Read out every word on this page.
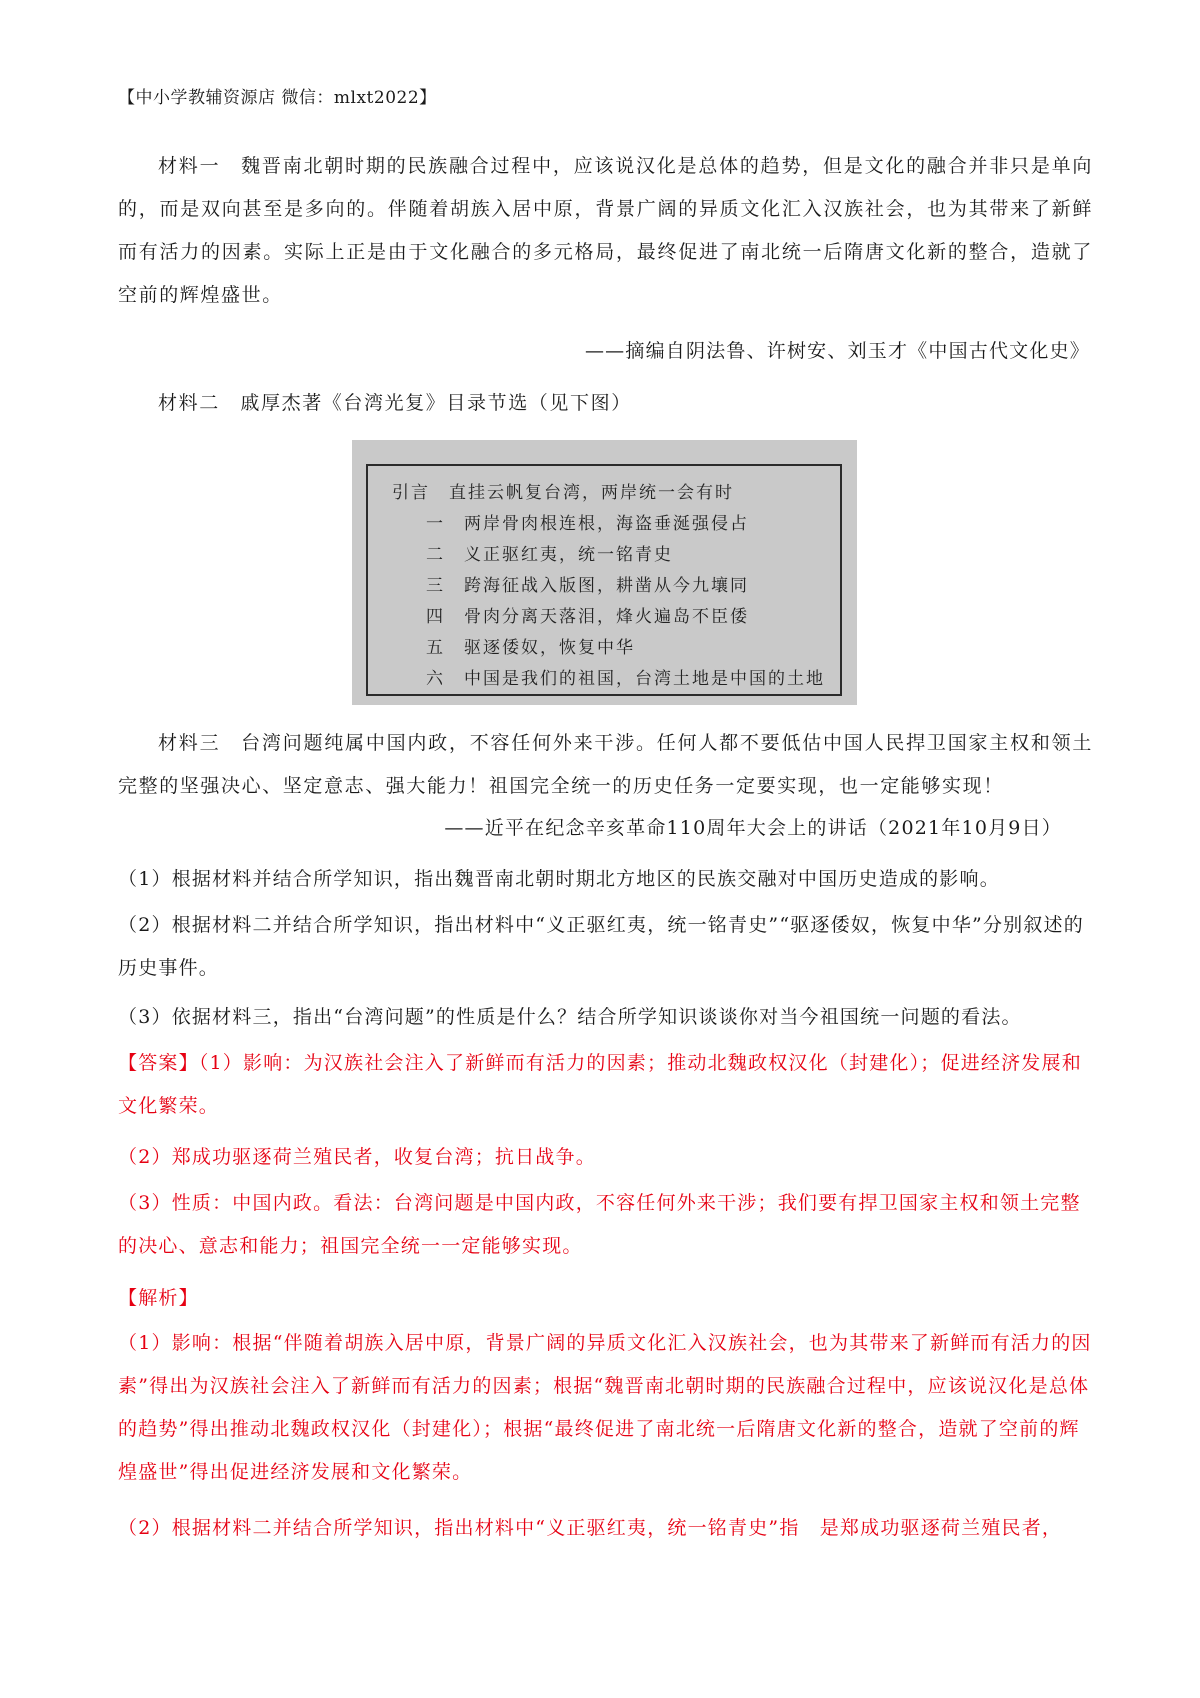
【中小学教辅资源店 微信：mlxt2022】
材料一　魏晋南北朝时期的民族融合过程中，应该说汉化是总体的趋势，但是文化的融合并非只是单向的，而是双向甚至是多向的。伴随着胡族入居中原，背景广阔的异质文化汇入汉族社会，也为其带来了新鲜而有活力的因素。实际上正是由于文化融合的多元格局，最终促进了南北统一后隋唐文化新的整合，造就了空前的辉煌盛世。
——摘编自阴法鲁、许树安、刘玉才《中国古代文化史》
材料二　戚厚杰著《台湾光复》目录节选（见下图）
引言　直挂云帆复台湾，两岸统一会有时
一　两岸骨肉根连根，海盗垂涎强侵占
二　义正驱红夷，统一铭青史
三　跨海征战入版图，耕凿从今九壤同
四　骨肉分离天落泪，烽火遍岛不臣倭
五　驱逐倭奴，恢复中华
六　中国是我们的祖国，台湾土地是中国的土地
材料三　台湾问题纯属中国内政，不容任何外来干涉。任何人都不要低估中国人民捍卫国家主权和领土完整的坚强决心、坚定意志、强大能力！祖国完全统一的历史任务一定要实现，也一定能够实现！
——近平在纪念辛亥革命110周年大会上的讲话（2021年10月9日）
（1）根据材料并结合所学知识，指出魏晋南北朝时期北方地区的民族交融对中国历史造成的影响。
（2）根据材料二并结合所学知识，指出材料中“义正驱红夷，统一铭青史”“驱逐倭奴，恢复中华”分别叙述的历史事件。
（3）依据材料三，指出“台湾问题”的性质是什么？结合所学知识谈谈你对当今祖国统一问题的看法。
【答案】（1）影响：为汉族社会注入了新鲜而有活力的因素；推动北魏政权汉化（封建化）；促进经济发展和文化繁荣。
（2）郑成功驱逐荷兰殖民者，收复台湾；抗日战争。
（3）性质：中国内政。看法：台湾问题是中国内政，不容任何外来干涉；我们要有捍卫国家主权和领土完整的决心、意志和能力；祖国完全统一一定能够实现。
【解析】
（1）影响：根据“伴随着胡族入居中原，背景广阔的异质文化汇入汉族社会，也为其带来了新鲜而有活力的因素”得出为汉族社会注入了新鲜而有活力的因素；根据“魏晋南北朝时期的民族融合过程中，应该说汉化是总体的趋势”得出推动北魏政权汉化（封建化）；根据“最终促进了南北统一后隋唐文化新的整合，造就了空前的辉煌盛世”得出促进经济发展和文化繁荣。
（2）根据材料二并结合所学知识，指出材料中“义正驱红夷，统一铭青史”指　是郑成功驱逐荷兰殖民者，
